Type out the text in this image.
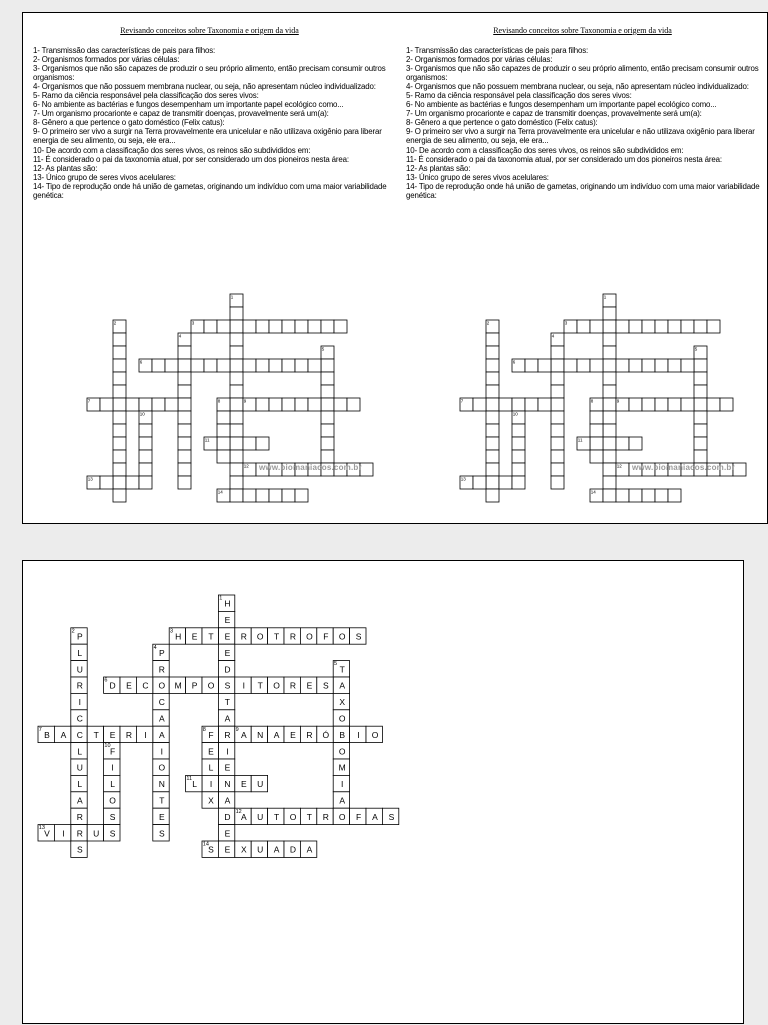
Revisando conceitos sobre Taxonomia e origem da vida
1- Transmissão das características de pais para filhos:
2- Organismos formados por várias células:
3- Organismos que não são capazes de produzir o seu próprio alimento, então precisam consumir outros organismos:
4- Organismos que não possuem membrana nuclear, ou seja, não apresentam núcleo individualizado:
5- Ramo da ciência responsável pela classificação dos seres vivos:
6- No ambiente as bactérias e fungos desempenham um importante papel ecológico como...
7- Um organismo procarionte e capaz de transmitir doenças, provavelmente será um(a):
8- Gênero a que pertence o gato doméstico (Felix catus):
9- O primeiro ser vivo a surgir na Terra provavelmente era unicelular e não utilizava oxigênio para liberar energia de seu alimento, ou seja, ele era...
10- De acordo com a classificação dos seres vivos, os reinos são subdivididos em:
11- É considerado o pai da taxonomia atual, por ser considerado um dos pioneiros nesta área:
12- As plantas são:
13- Único grupo de seres vivos acelulares:
14- Tipo de reprodução onde há união de gametas, originando um indivíduo com uma maior variabilidade genética:
1
2	3
4
5
6
7	8	9
10
11
12
13
14
www.biomaniacos.com.br
Revisando conceitos sobre Taxonomia e origem da vida
1- Transmissão das características de pais para filhos:
2- Organismos formados por várias células:
3- Organismos que não são capazes de produzir o seu próprio alimento, então precisam consumir outros organismos:
4- Organismos que não possuem membrana nuclear, ou seja, não apresentam núcleo individualizado:
5- Ramo da ciência responsável pela classificação dos seres vivos:
6- No ambiente as bactérias e fungos desempenham um importante papel ecológico como...
7- Um organismo procarionte e capaz de transmitir doenças, provavelmente será um(a):
8- Gênero a que pertence o gato doméstico (Felix catus):
9- O primeiro ser vivo a surgir na Terra provavelmente era unicelular e não utilizava oxigênio para liberar energia de seu alimento, ou seja, ele era...
10- De acordo com a classificação dos seres vivos, os reinos são subdivididos em:
11- É considerado o pai da taxonomia atual, por ser considerado um dos pioneiros nesta área:
12- As plantas são:
13- Único grupo de seres vivos acelulares:
14- Tipo de reprodução onde há união de gametas, originando um indivíduo com uma maior variabilidade genética:
1
2	3
4
5
6
7	8	9
10
11
12
13
14
www.biomaniacos.com.br
1
H
E
E
E
D
S
T
A
R
I
E
N
A
D
E
2
P
L
U
R
I
C
C
L
U
L
A
R
R
S
3
H E T	R O T R O F O S
4
P
R
O
C
A
A
I
O
N
T
E
S
5
T
A
X
O
B
O
M
I
A
6
D E C	M P O	I T O R E S
7
B A	T E R I
8
F
E
L
I
X
9
A N A E R Ó	I O
10
F
I
L
O
S
11
L	E U
12
A U T O T R O F A S
13
V I	U S
14
S E X U A D A
